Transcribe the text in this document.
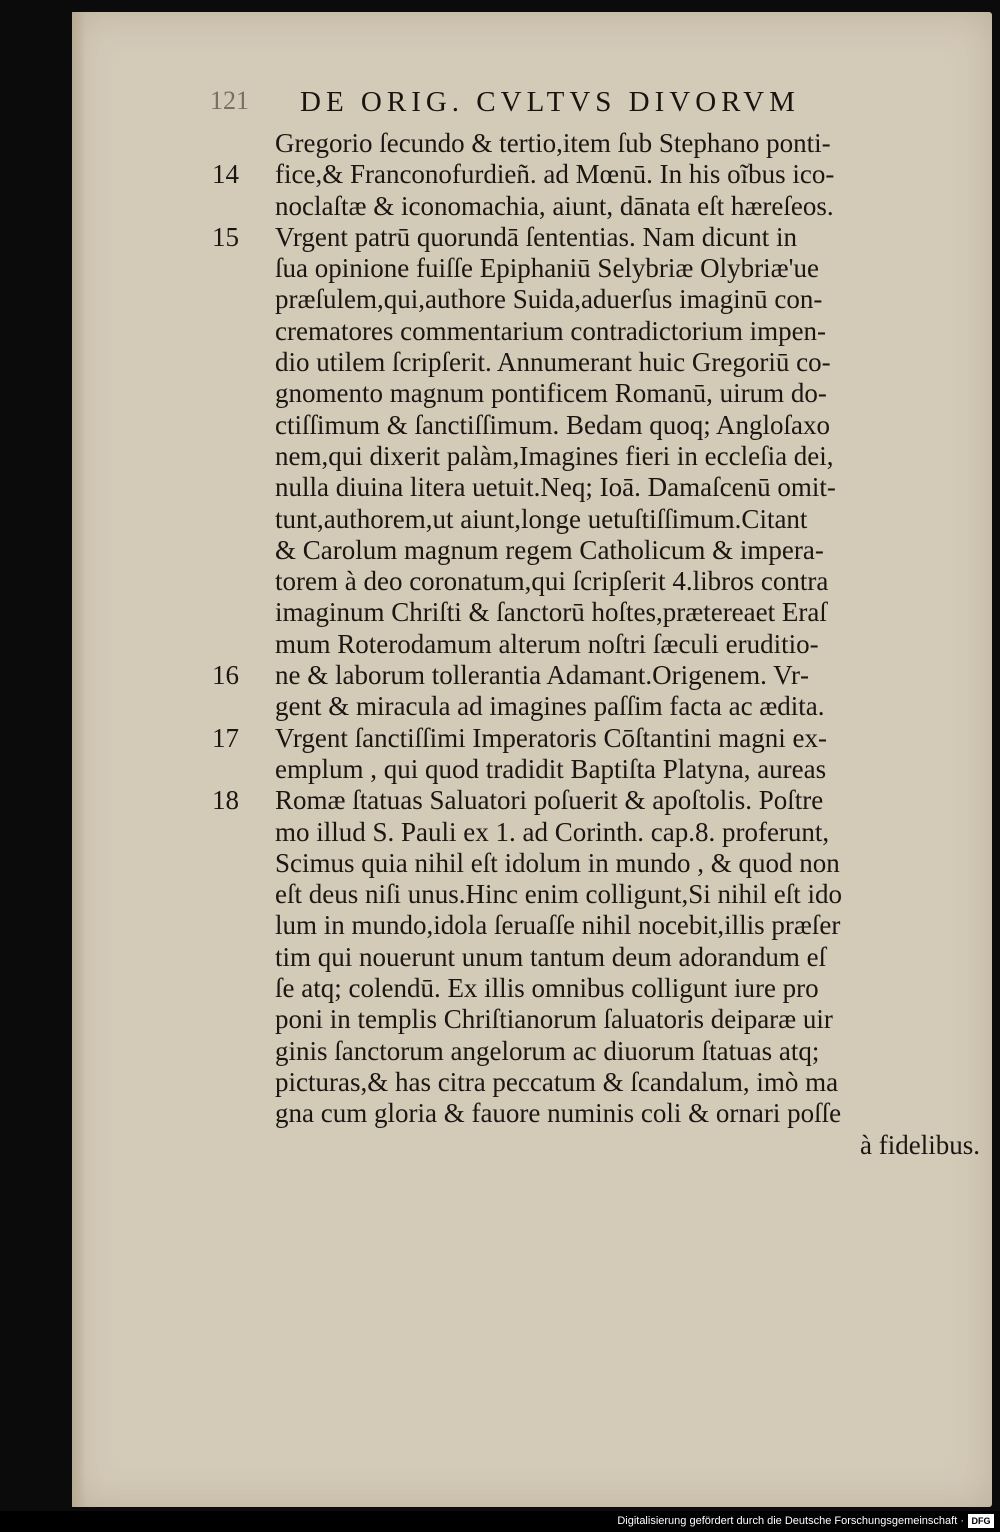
121 DE ORIG. CVLTVS DIVORVM
Gregorio ſecundo & tertio,item ſub Stephano ponti‑
fice,& Franconofurdieñ. ad Mœnū. In his oĩbus ico‑
noclaſtæ & iconomachia, aiunt, dānata eſt hæreſeos.
Vrgent patrū quorundā ſententias. Nam dicunt in
ſua opinione fuiſſe Epiphaniū Selybriæ Olybriæ'ue
præſulem,qui,authore Suida,aduerſus imaginū con‑
crematores commentarium contradictorium impen‑
dio utilem ſcripſerit. Annumerant huic Gregoriū co‑
gnomento magnum pontificem Romanū, uirum do‑
ctiſſimum & ſanctiſſimum. Bedam quoq; Angloſaxo
nem,qui dixerit palàm,Imagines fieri in eccleſia dei,
nulla diuina litera uetuit.Neq; Ioā. Damaſcenū omit‑
tunt,authorem,ut aiunt,longe uetuſtiſſimum.Citant
& Carolum magnum regem Catholicum & impera‑
torem à deo coronatum,qui ſcripſerit 4.libros contra
imaginum Chriſti & ſanctorū hoſtes,prætereaet Eraſ
mum Roterodamum alterum noſtri ſæculi eruditio‑
ne & laborum tollerantia Adamant.Origenem. Vr‑
gent & miracula ad imagines paſſim facta ac ædita.
Vrgent ſanctiſſimi Imperatoris Cōſtantini magni ex‑
emplum , qui quod tradidit Baptiſta Platyna, aureas
Romæ ſtatuas Saluatori poſuerit & apoſtolis. Poſtre
mo illud S. Pauli ex 1. ad Corinth. cap.8. proferunt,
Scimus quia nihil eſt idolum in mundo , & quod non
eſt deus niſi unus.Hinc enim colligunt,Si nihil eſt ido
lum in mundo,idola ſeruaſſe nihil nocebit,illis præſer
tim qui nouerunt unum tantum deum adorandum eſ
ſe atq; colendū. Ex illis omnibus colligunt iure pro
poni in templis Chriſtianorum ſaluatoris deiparæ uir
ginis ſanctorum angelorum ac diuorum ſtatuas atq;
picturas,& has citra peccatum & ſcandalum, imò ma
gna cum gloria & fauore numinis coli & ornari poſſe
à fidelibus.
14
15
16
17
18
Digitalisierung gefördert durch die Deutsche Forschungsgemeinschaft · DFG
